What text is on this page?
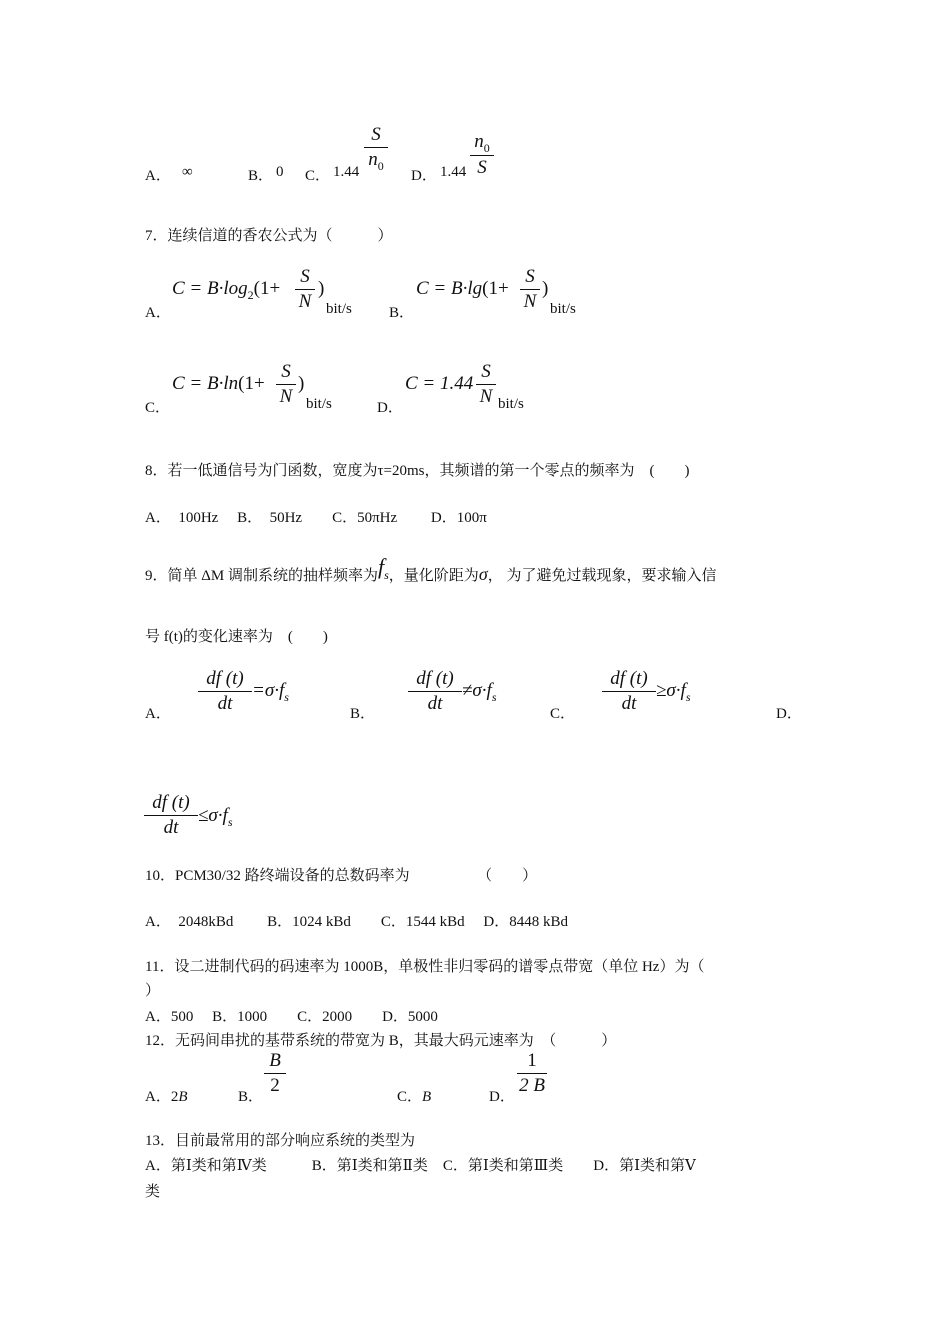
A． ∞	B． 0 C． 1.44
S
$n_0$
D． 1.44
$n_0$
S
7．连续信道的香农公式为（　　　）
A．
$C = B\cdot\log_2(1+$
S
N
)
bit/s B．
C = B·lg(1+
S
N
)
bit/s
C．
C = B·ln(1+
S
N
)
bit/s	D．
C = 1.44
S
N bit/s
8．若一低通信号为门函数，宽度为τ=20ms，其频谱的第一个零点的频率为　(　　)
A．　100Hz　 B．　50Hz　　C．50πHz　　 D．100π
9．简单 ΔM 调制系统的抽样频率为fs，量化阶距为σ， 为了避免过载现象，要求输入信
号 f(t)的变化速率为　(　　)
A．
df (t)
dt
$=\sigma\cdot f_s$
B．
df (t)
dt
$\ne\sigma\cdot f_s$
C．
df (t)
dt
$\ge\sigma\cdot f_s$
D．
df (t)
dt
$\le\sigma\cdot f_s$
10．PCM30/32 路终端设备的总数码率为　　　　　（　　）
A．　2048kBd　　 B．1024 kBd　　C．1544 kBd　 D．8448 kBd
11．设二进制代码的码速率为 1000B，单极性非归零码的谱零点带宽（单位 Hz）为（
）
A．500　 B．1000　　C．2000　　D．5000
12．无码间串扰的基带系统的带宽为 B，其最大码元速率为　（　　　）
A．2B	B．
B
2
C．B	D．
1
2 B
13．目前最常用的部分响应系统的类型为
A．第Ⅰ类和第Ⅳ类　　　B．第Ⅰ类和第Ⅱ类　C．第Ⅰ类和第Ⅲ类　　D．第Ⅰ类和第Ⅴ
类
